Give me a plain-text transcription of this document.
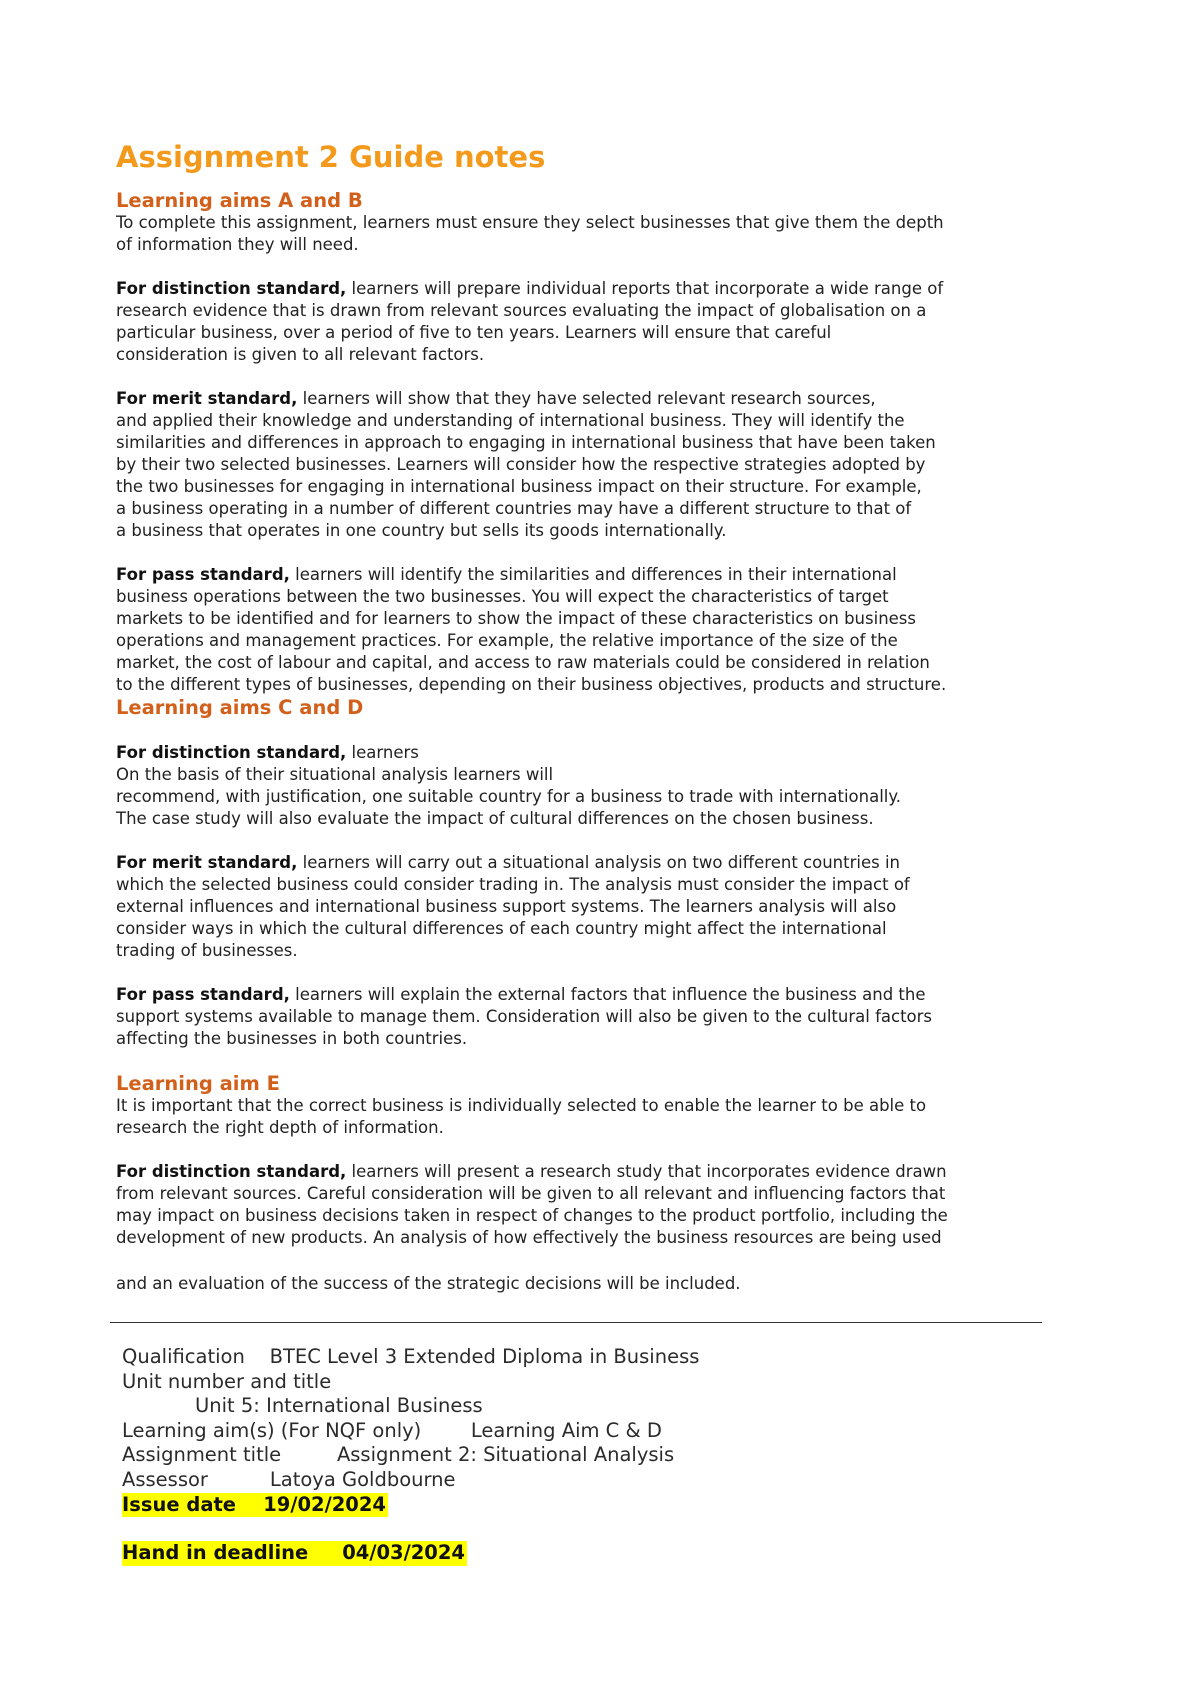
Assignment 2 Guide notes
Learning aims A and B

To complete this assignment, learners must ensure they select businesses that give them the depth
of information they will need.

For distinction standard, learners will prepare individual reports that incorporate a wide range of
research evidence that is drawn from relevant sources evaluating the impact of globalisation on a
particular business, over a period of five to ten years. Learners will ensure that careful
consideration is given to all relevant factors.

For merit standard, learners will show that they have selected relevant research sources,
and applied their knowledge and understanding of international business. They will identify the
similarities and differences in approach to engaging in international business that have been taken
by their two selected businesses. Learners will consider how the respective strategies adopted by
the two businesses for engaging in international business impact on their structure. For example,
a business operating in a number of different countries may have a different structure to that of
a business that operates in one country but sells its goods internationally.

For pass standard, learners will identify the similarities and differences in their international
business operations between the two businesses. You will expect the characteristics of target
markets to be identified and for learners to show the impact of these characteristics on business
operations and management practices. For example, the relative importance of the size of the
market, the cost of labour and capital, and access to raw materials could be considered in relation
to the different types of businesses, depending on their business objectives, products and structure.

Learning aims C and D

For distinction standard, learners
On the basis of their situational analysis learners will
recommend, with justification, one suitable country for a business to trade with internationally.
The case study will also evaluate the impact of cultural differences on the chosen business.

For merit standard, learners will carry out a situational analysis on two different countries in
which the selected business could consider trading in. The analysis must consider the impact of
external influences and international business support systems. The learners analysis will also
consider ways in which the cultural differences of each country might affect the international
trading of businesses.

For pass standard, learners will explain the external factors that influence the business and the
support systems available to manage them. Consideration will also be given to the cultural factors
affecting the businesses in both countries.

Learning aim E

It is important that the correct business is individually selected to enable the learner to be able to
research the right depth of information.

For distinction standard, learners will present a research study that incorporates evidence drawn
from relevant sources. Careful consideration will be given to all relevant and influencing factors that
may impact on business decisions taken in respect of changes to the product portfolio, including the
development of new products. An analysis of how effectively the business resources are being used

and an evaluation of the success of the strategic decisions will be included.

Qualification BTEC Level 3 Extended Diploma in Business
Unit number and title
Unit 5: International Business
Learning aim(s) (For NQF only)	Learning Aim C & D
Assignment title	Assignment 2: Situational Analysis
Assessor	Latoya Goldbourne
Issue date 19/02/2024
Hand in deadline 04/03/2024
